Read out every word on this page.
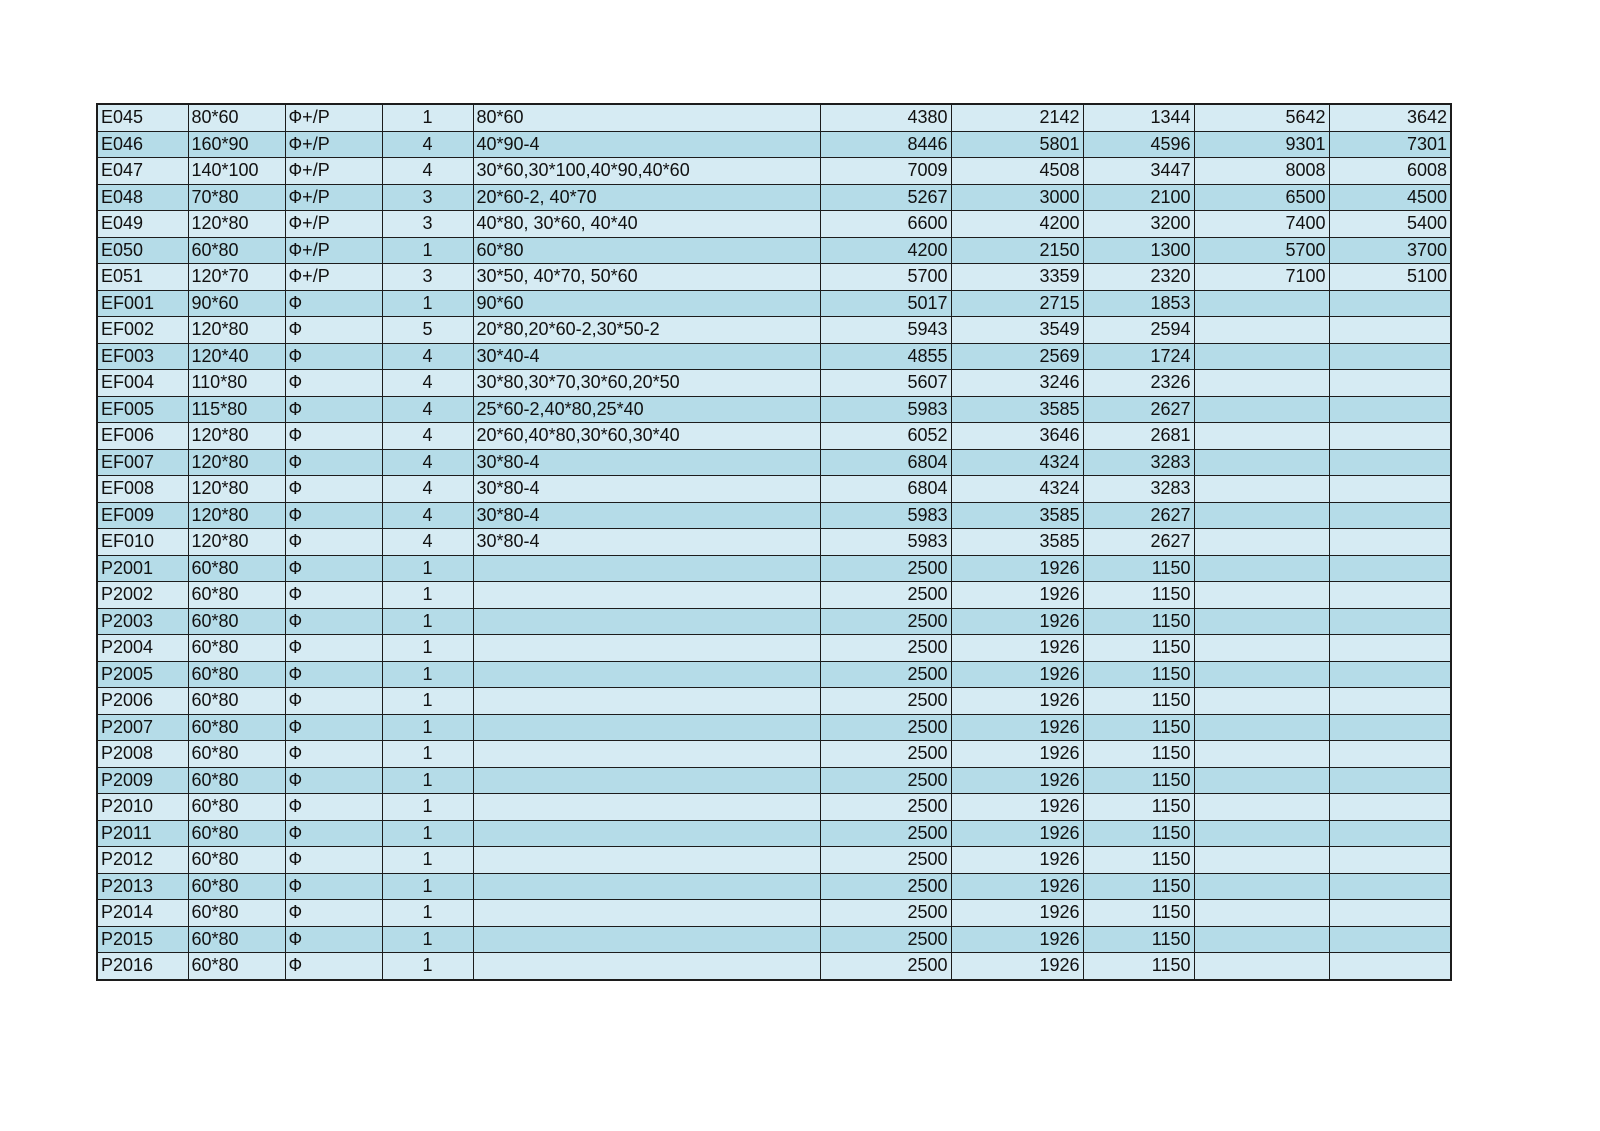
E045	80*60	Ф+/P	1	80*60	4380	2142	1344	5642	3642
E046	160*90	Ф+/P	4	40*90-4	8446	5801	4596	9301	7301
E047	140*100	Ф+/P	4	30*60,30*100,40*90,40*60	7009	4508	3447	8008	6008
E048	70*80	Ф+/P	3	20*60-2, 40*70	5267	3000	2100	6500	4500
E049	120*80	Ф+/P	3	40*80, 30*60, 40*40	6600	4200	3200	7400	5400
E050	60*80	Ф+/P	1	60*80	4200	2150	1300	5700	3700
E051	120*70	Ф+/P	3	30*50, 40*70, 50*60	5700	3359	2320	7100	5100
EF001	90*60	Ф	1	90*60	5017	2715	1853		
EF002	120*80	Ф	5	20*80,20*60-2,30*50-2	5943	3549	2594		
EF003	120*40	Ф	4	30*40-4	4855	2569	1724		
EF004	110*80	Ф	4	30*80,30*70,30*60,20*50	5607	3246	2326		
EF005	115*80	Ф	4	25*60-2,40*80,25*40	5983	3585	2627		
EF006	120*80	Ф	4	20*60,40*80,30*60,30*40	6052	3646	2681		
EF007	120*80	Ф	4	30*80-4	6804	4324	3283		
EF008	120*80	Ф	4	30*80-4	6804	4324	3283		
EF009	120*80	Ф	4	30*80-4	5983	3585	2627		
EF010	120*80	Ф	4	30*80-4	5983	3585	2627		
P2001	60*80	Ф	1		2500	1926	1150		
P2002	60*80	Ф	1		2500	1926	1150		
P2003	60*80	Ф	1		2500	1926	1150		
P2004	60*80	Ф	1		2500	1926	1150		
P2005	60*80	Ф	1		2500	1926	1150		
P2006	60*80	Ф	1		2500	1926	1150		
P2007	60*80	Ф	1		2500	1926	1150		
P2008	60*80	Ф	1		2500	1926	1150		
P2009	60*80	Ф	1		2500	1926	1150		
P2010	60*80	Ф	1		2500	1926	1150		
P2011	60*80	Ф	1		2500	1926	1150		
P2012	60*80	Ф	1		2500	1926	1150		
P2013	60*80	Ф	1		2500	1926	1150		
P2014	60*80	Ф	1		2500	1926	1150		
P2015	60*80	Ф	1		2500	1926	1150		
P2016	60*80	Ф	1		2500	1926	1150		
